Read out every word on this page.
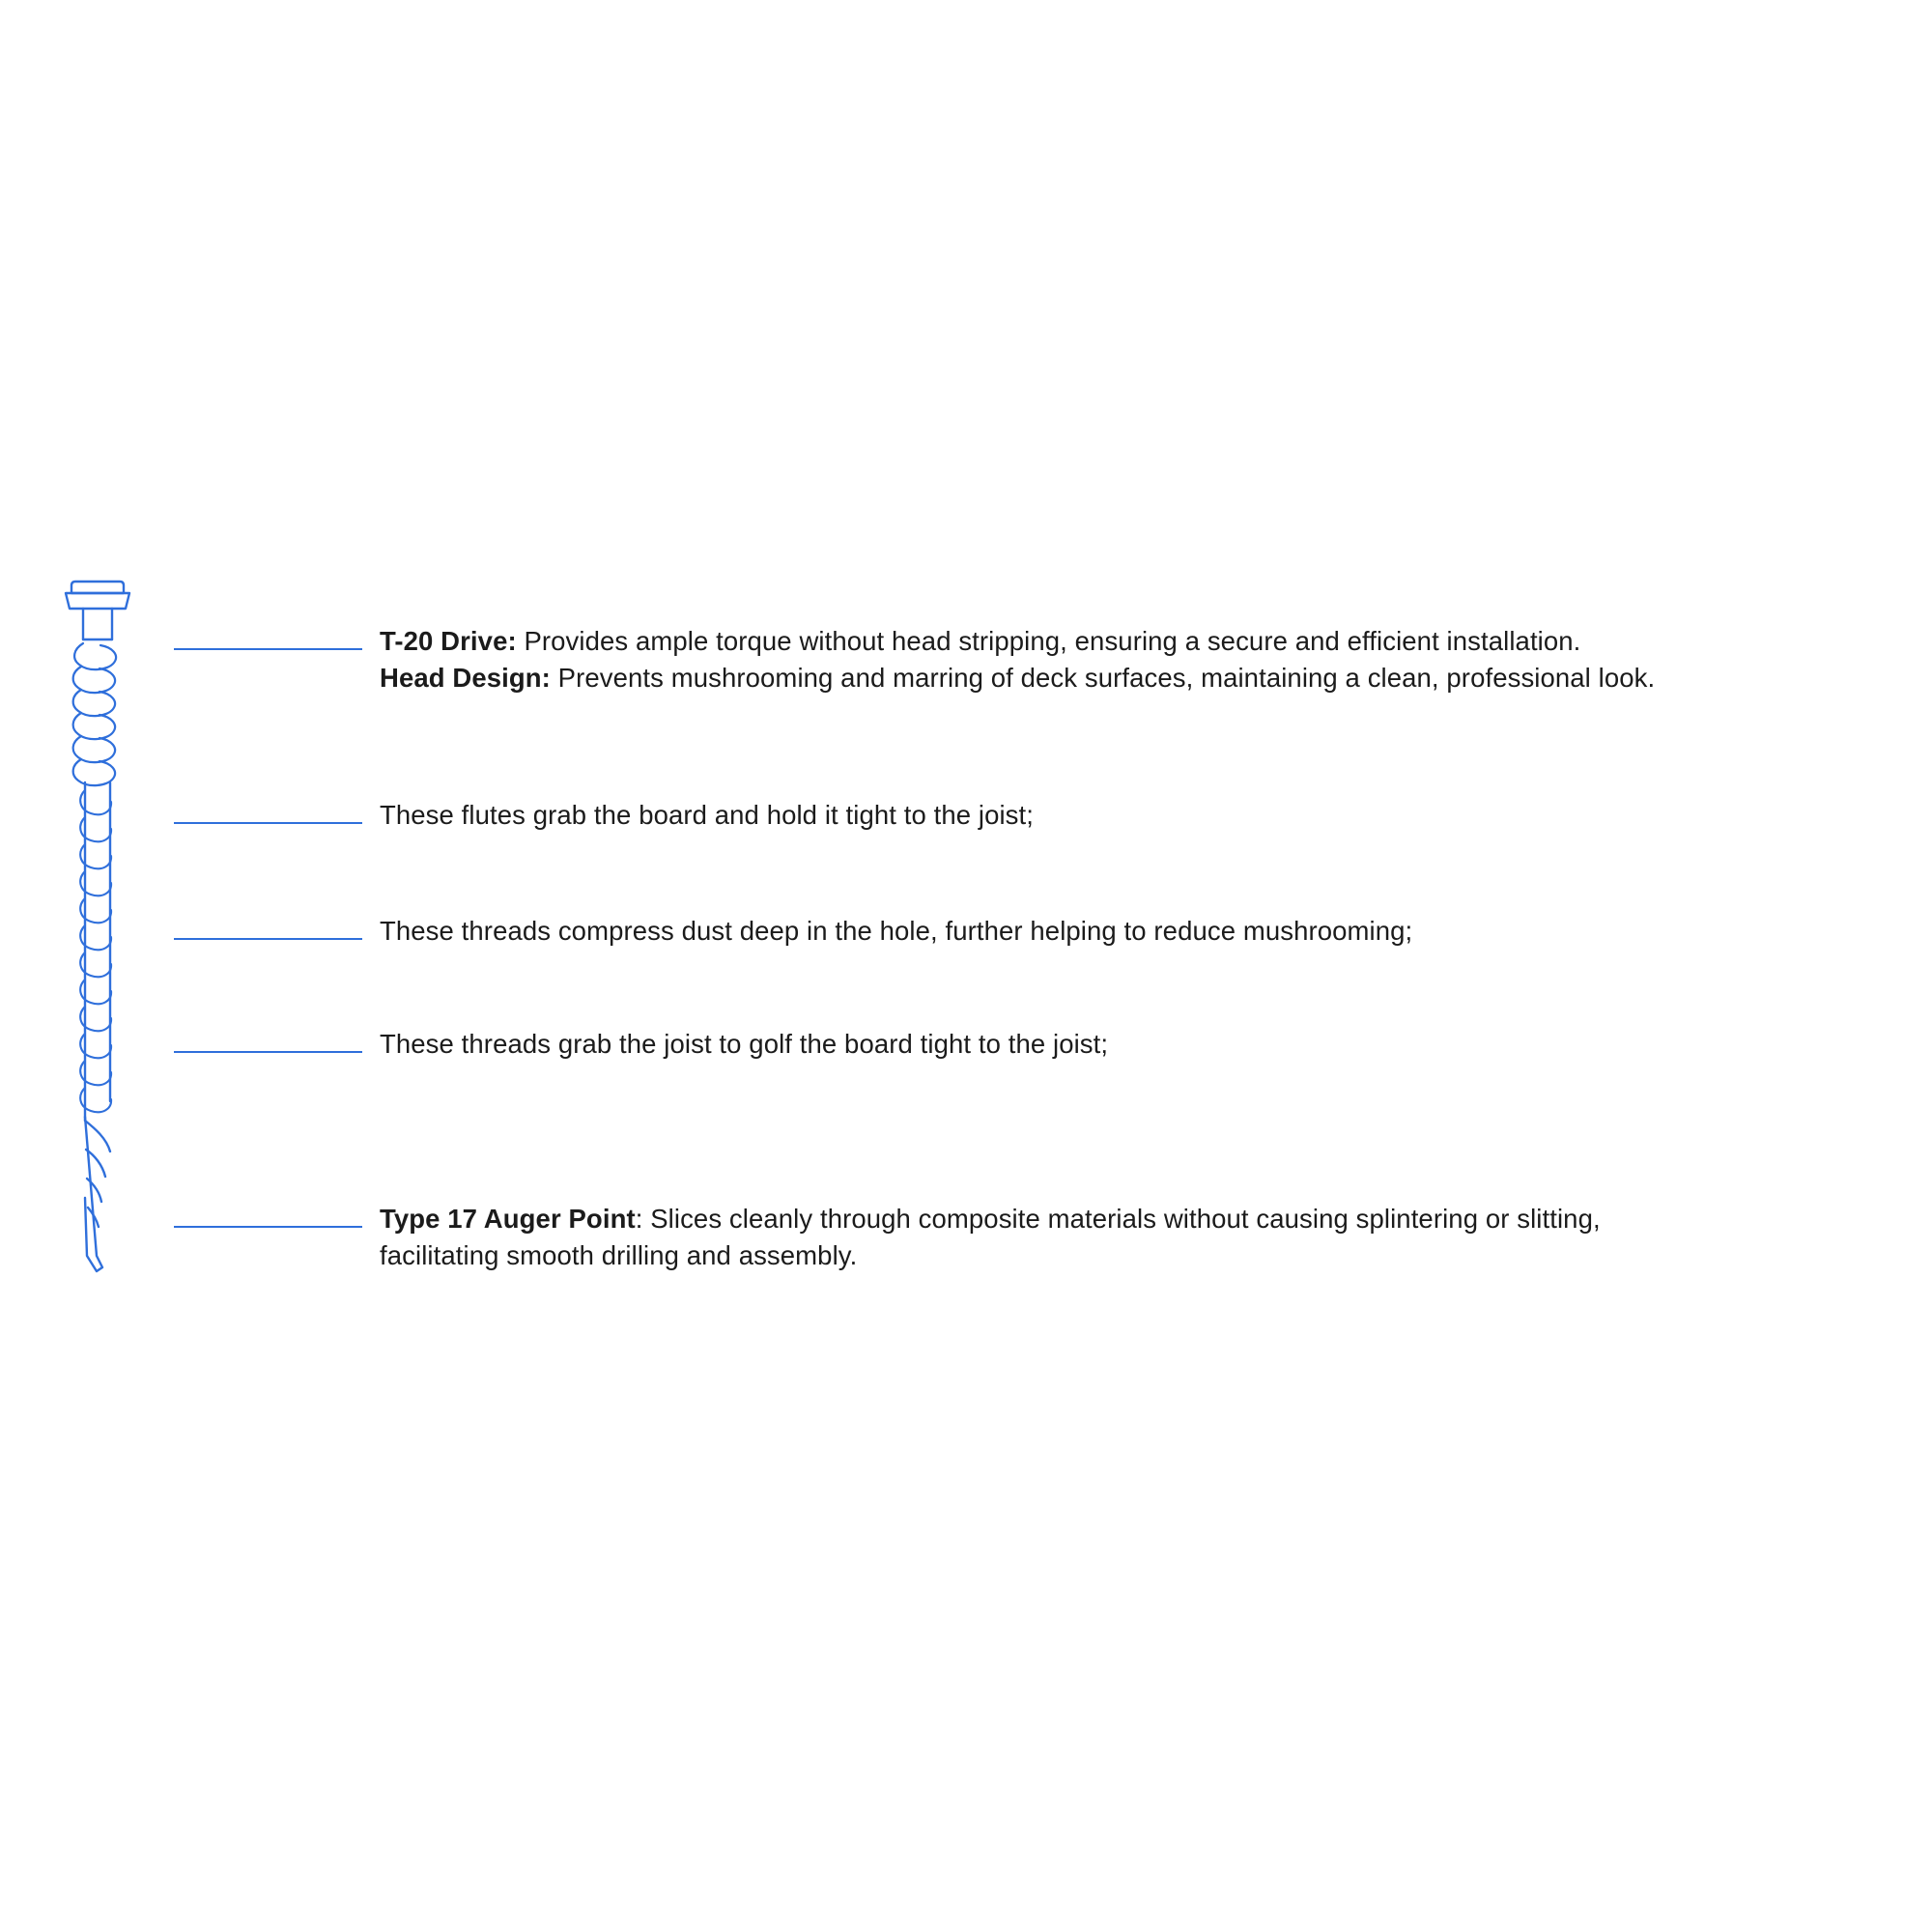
T-20 Drive: Provides ample torque without head stripping, ensuring a secure and efficient installation.
Head Design: Prevents mushrooming and marring of deck surfaces, maintaining a clean, professional look.
These flutes grab the board and hold it tight to the joist;
These threads compress dust deep in the hole, further helping to reduce mushrooming;
These threads grab the joist to golf the board tight to the joist;
Type 17 Auger Point: Slices cleanly through composite materials without causing splintering or slitting,
facilitating smooth drilling and assembly.
